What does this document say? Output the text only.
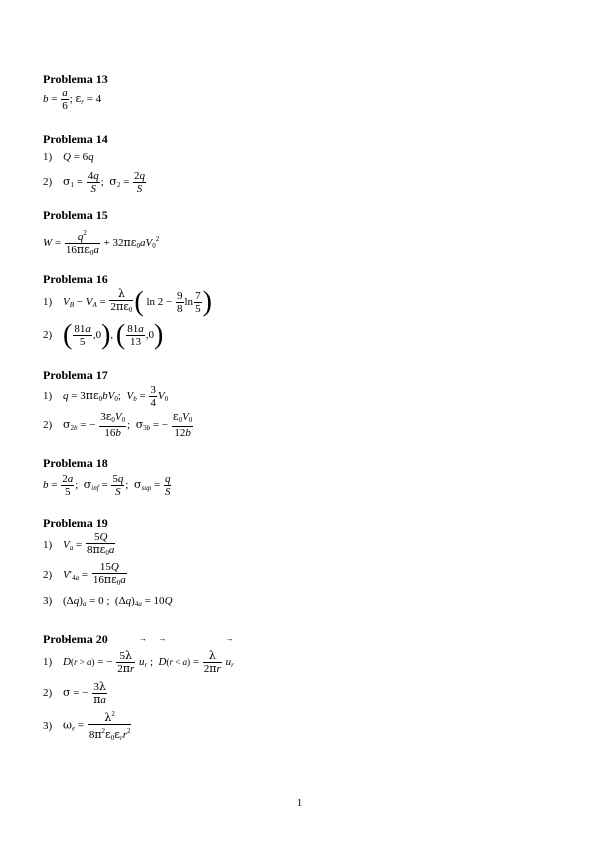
Problema 13
$b = \frac{a}{6}$ ; $\varepsilon_r = 4$
Problema 14
1) Q = 6q
2) $\sigma_1 = \frac{4q}{S}$ ;  $\sigma_2 = \frac{2q}{S}$
Problema 15
$W = \frac{q^2}{16\pi\varepsilon_0a} + 32\pi\varepsilon_0aV_0^2$
Problema 16
1) $V_B - V_A = \frac{\lambda}{2\pi\varepsilon_0}$ ( $\ln 2 - \frac{9}{8}$ $\ln \frac{7}{5}$ )
2) ( $\frac{81a}{5} ,0$), ( $\frac{81a}{13} ,0$)
Problema 17
1) $q = 3\pi\varepsilon_0bV_0$;  $V_b = \frac{3}{4} V_0$
2) $\sigma_{2b}$ = − $\frac{3\varepsilon_0V_0}{16b}$ ;  $\sigma_{3b}$ = − $\frac{\varepsilon_0V_0}{12b}$
Problema 18
$b = \frac{2a}{5}$ ;  $\sigma_{inf} = \frac{5q}{S}$ ;  $\sigma_{sup} = \frac{q}{S}$
Problema 19
1) $V_a = \frac{5Q}{8\pi\varepsilon_0a}$
2) $V'_{4a} = \frac{15Q}{16\pi\varepsilon_0a}$
3) $(\Delta q)_a = 0$ ;  $(\Delta q)_{4a} = 10Q$
Problema 20
1)→ D(r > a) = − $\frac{5\lambda}{2\pi r}$
→ $u_r$ ;  → $D(r < a) = \frac{\lambda}{2\pi r}$
→ $u_r$
2) σ = − $\frac{3\lambda}{\pi a}$
3) $\omega_e = \frac{\lambda^2}{8\pi^2\varepsilon_0\varepsilon_rr^2}$
1
